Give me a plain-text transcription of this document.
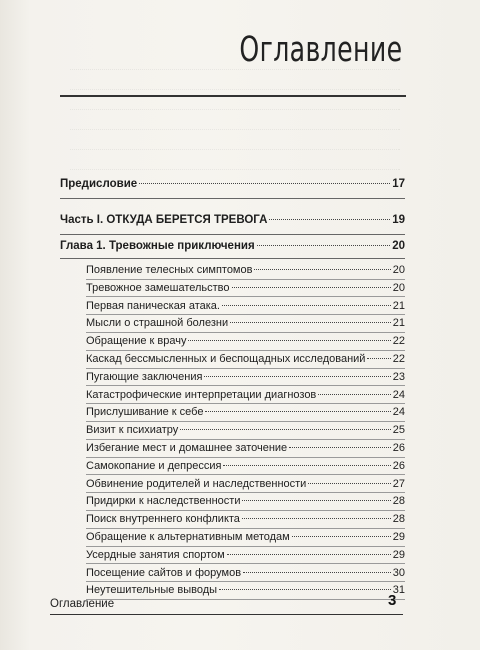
Оглавление
Предисловие	17
Часть I. ОТКУДА БЕРЕТСЯ ТРЕВОГА	19
Глава 1. Тревожные приключения	20
Появление телесных симптомов	20
Тревожное замешательство	20
Первая паническая атака.	21
Мысли о страшной болезни	21
Обращение к врачу	22
Каскад бессмысленных и беспощадных исследований 22
Пугающие заключения	23
Катастрофические интерпретации диагнозов	24
Прислушивание к себе	24
Визит к психиатру	25
Избегание мест и домашнее заточение	26
Самокопание и депрессия	26
Обвинение родителей и наследственности	27
Придирки к наследственности	28
Поиск внутреннего конфликта	28
Обращение к альтернативным методам	29
Усердные занятия спортом	29
Посещение сайтов и форумов	30
Неутешительные выводы	31
Оглавление	3
